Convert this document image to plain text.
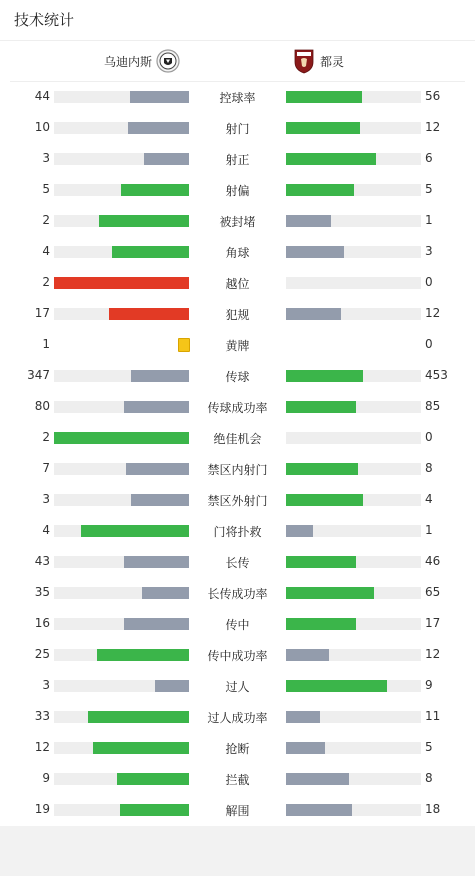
技术统计
乌迪内斯	都灵
44	控球率	56
10	射门	12
3	射正	6
5	射偏	5
2	被封堵	1
4	角球	3
2	越位	0
17	犯规	12
1	黄牌	0
347	传球	453
80	传球成功率	85
2	绝佳机会	0
7	禁区内射门	8
3	禁区外射门	4
4	门将扑救	1
43	长传	46
35	长传成功率	65
16	传中	17
25	传中成功率	12
3	过人	9
33	过人成功率	11
12	抢断	5
9	拦截	8
19	解围	18
